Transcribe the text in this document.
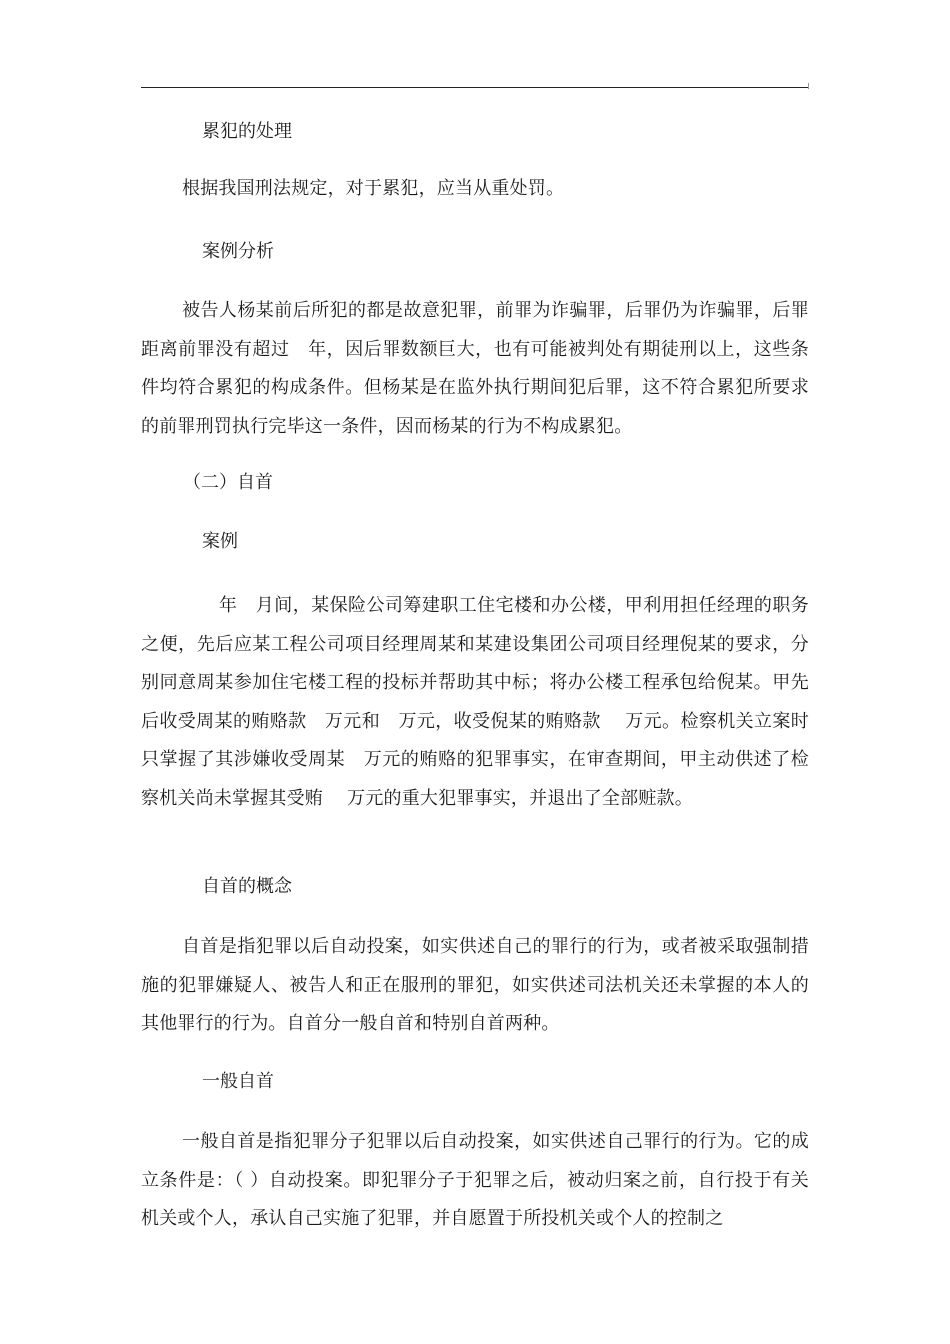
累犯的处理
根据我国刑法规定，对于累犯，应当从重处罚。
案例分析
被告人杨某前后所犯的都是故意犯罪，前罪为诈骗罪，后罪仍为诈骗罪，后罪距离前罪没有超过　年，因后罪数额巨大，也有可能被判处有期徒刑以上，这些条件均符合累犯的构成条件。但杨某是在监外执行期间犯后罪，这不符合累犯所要求的前罪刑罚执行完毕这一条件，因而杨某的行为不构成累犯。
（二）自首
案例
　　年　月间，某保险公司筹建职工住宅楼和办公楼，甲利用担任经理的职务之便，先后应某工程公司项目经理周某和某建设集团公司项目经理倪某的要求，分别同意周某参加住宅楼工程的投标并帮助其中标；将办公楼工程承包给倪某。甲先后收受周某的贿赂款　万元和　万元，收受倪某的贿赂款　 万元。检察机关立案时只掌握了其涉嫌收受周某　万元的贿赂的犯罪事实，在审查期间，甲主动供述了检察机关尚未掌握其受贿　 万元的重大犯罪事实，并退出了全部赃款。
自首的概念
自首是指犯罪以后自动投案，如实供述自己的罪行的行为，或者被采取强制措施的犯罪嫌疑人、被告人和正在服刑的罪犯，如实供述司法机关还未掌握的本人的其他罪行的行为。自首分一般自首和特别自首两种。
一般自首
一般自首是指犯罪分子犯罪以后自动投案，如实供述自己罪行的行为。它的成立条件是：（ ）自动投案。即犯罪分子于犯罪之后，被动归案之前，自行投于有关机关或个人，承认自己实施了犯罪，并自愿置于所投机关或个人的控制之
